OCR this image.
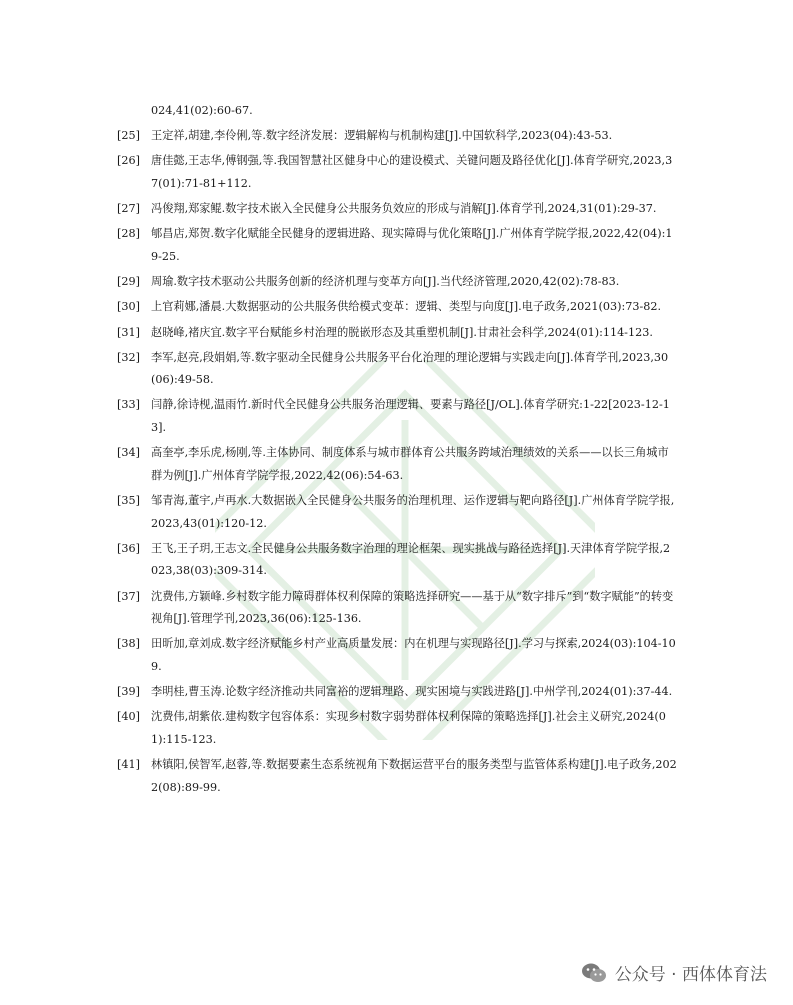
024,41(02):60-67.
[25] 王定祥,胡建,李伶俐,等.数字经济发展：逻辑解构与机制构建[J].中国软科学,2023(04):43-53.
[26] 唐佳懿,王志华,傅钢强,等.我国智慧社区健身中心的建设模式、关键问题及路径优化[J].体育学研究,2023,37(01):71-81+112.
[27] 冯俊翔,郑家鲲.数字技术嵌入全民健身公共服务负效应的形成与消解[J].体育学刊,2024,31(01):29-37.
[28] 郇昌店,郑贺.数字化赋能全民健身的逻辑进路、现实障碍与优化策略[J].广州体育学院学报,2022,42(04):19-25.
[29] 周瑜.数字技术驱动公共服务创新的经济机理与变革方向[J].当代经济管理,2020,42(02):78-83.
[30] 上官莉娜,潘晨.大数据驱动的公共服务供给模式变革：逻辑、类型与向度[J].电子政务,2021(03):73-82.
[31] 赵晓峰,褚庆宜.数字平台赋能乡村治理的脱嵌形态及其重塑机制[J].甘肃社会科学,2024(01):114-123.
[32] 李军,赵亮,段娟娟,等.数字驱动全民健身公共服务平台化治理的理论逻辑与实践走向[J].体育学刊,2023,30(06):49-58.
[33] 闫静,徐诗枧,温雨竹.新时代全民健身公共服务治理逻辑、要素与路径[J/OL].体育学研究:1-22[2023-12-13].
[34] 高奎亭,李乐虎,杨刚,等.主体协同、制度体系与城市群体育公共服务跨域治理绩效的关系——以长三角城市群为例[J].广州体育学院学报,2022,42(06):54-63.
[35] 邹青海,董宇,卢再水.大数据嵌入全民健身公共服务的治理机理、运作逻辑与靶向路径[J].广州体育学院学报,2023,43(01):120-12.
[36] 王飞,王子玥,王志文.全民健身公共服务数字治理的理论框架、现实挑战与路径选择[J].天津体育学院学报,2023,38(03):309-314.
[37] 沈费伟,方颖峰.乡村数字能力障碍群体权利保障的策略选择研究——基于从“数字排斥”到“数字赋能”的转变视角[J].管理学刊,2023,36(06):125-136.
[38] 田昕加,章刘成.数字经济赋能乡村产业高质量发展：内在机理与实现路径[J].学习与探索,2024(03):104-109.
[39] 李明桂,曹玉涛.论数字经济推动共同富裕的逻辑理路、现实困境与实践进路[J].中州学刊,2024(01):37-44.
[40] 沈费伟,胡紫依.建构数字包容体系：实现乡村数字弱势群体权利保障的策略选择[J].社会主义研究,2024(01):115-123.
[41] 林镇阳,侯智军,赵蓉,等.数据要素生态系统视角下数据运营平台的服务类型与监管体系构建[J].电子政务,2022(08):89-99.
公众号 · 西体体育法
